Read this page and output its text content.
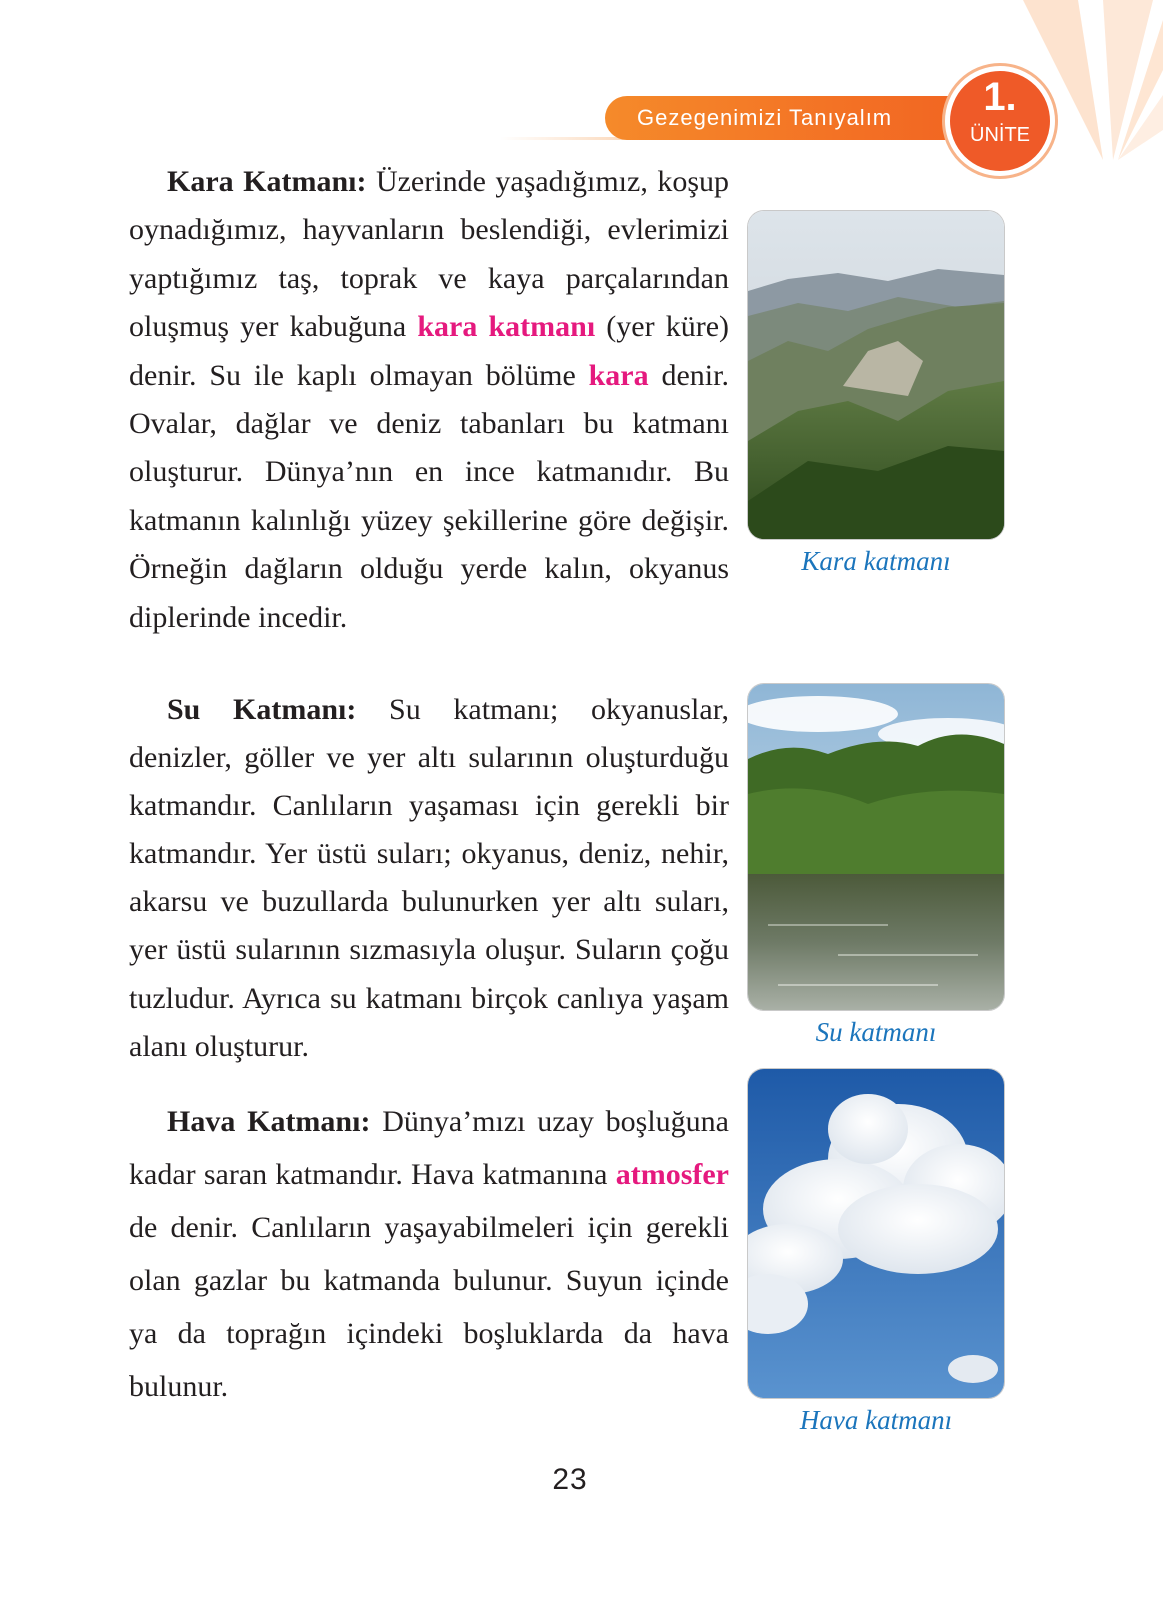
Gezegenimizi Tanıyalım	1.
ÜNİTE

Kara Katmanı: Üzerinde yaşadığımız, koşup oynadığımız, hayvanların beslendiği, evlerimizi yaptığımız taş, toprak ve kaya parçalarından oluşmuş yer kabuğuna kara katmanı (yer küre) denir. Su ile kaplı olmayan bölüme kara denir. Ovalar, dağlar ve deniz tabanları bu katmanı oluşturur. Dünya’nın en ince katmanıdır. Bu katmanın kalınlığı yüzey şekillerine göre değişir. Örneğin dağların olduğu yerde kalın, okyanus diplerinde incedir.

Kara katmanı

Su Katmanı: Su katmanı; okyanuslar, denizler, göller ve yer altı sularının oluşturduğu katmandır. Canlıların yaşaması için gerekli bir katmandır. Yer üstü suları; okyanus, deniz, nehir, akarsu ve buzullarda bulunurken yer altı suları, yer üstü sularının sızmasıyla oluşur. Suların çoğu tuzludur. Ayrıca su katmanı birçok canlıya yaşam alanı oluşturur.	Su katmanı

Hava Katmanı: Dünya’mızı uzay boşluğuna kadar saran katmandır. Hava katmanına atmosfer de denir. Canlıların yaşayabilmeleri için gerekli olan gazlar bu katmanda bulunur. Suyun içinde ya da toprağın içindeki boşluklarda da hava bulunur.

Hava katmanı
23
